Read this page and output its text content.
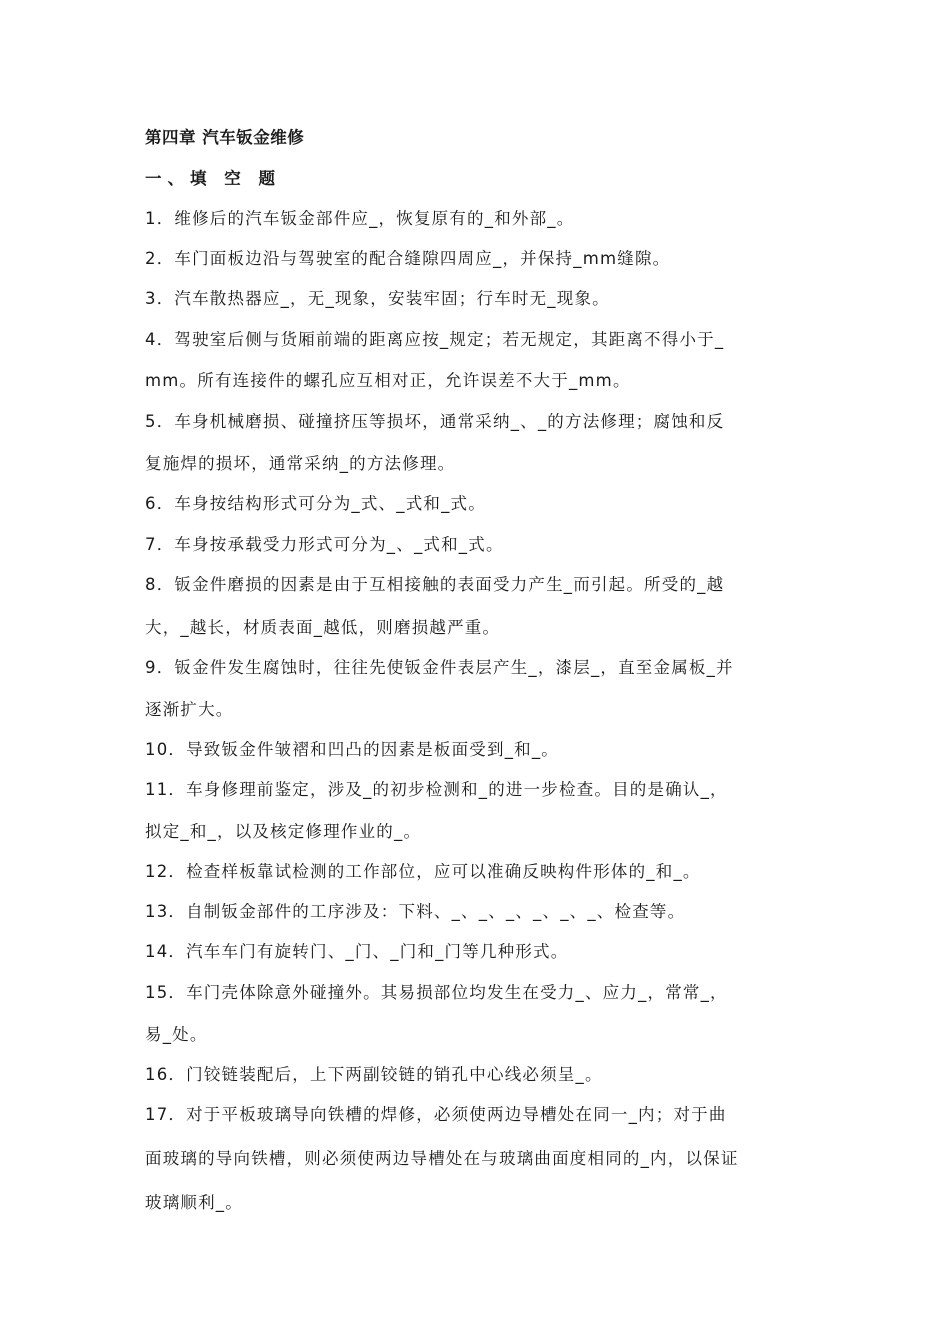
第四章 汽车钣金维修
一、填 空 题
1．维修后的汽车钣金部件应_，恢复原有的_和外部_。
2．车门面板边沿与驾驶室的配合缝隙四周应_，并保持_mm缝隙。
3．汽车散热器应_，无_现象，安装牢固；行车时无_现象。
4．驾驶室后侧与货厢前端的距离应按_规定；若无规定，其距离不得小于_
mm。所有连接件的螺孔应互相对正，允许误差不大于_mm。
5．车身机械磨损、碰撞挤压等损坏，通常采纳_、_的方法修理；腐蚀和反
复施焊的损坏，通常采纳_的方法修理。
6．车身按结构形式可分为_式、_式和_式。
7．车身按承载受力形式可分为_、_式和_式。
8．钣金件磨损的因素是由于互相接触的表面受力产生_而引起。所受的_越
大，_越长，材质表面_越低，则磨损越严重。
9．钣金件发生腐蚀时，往往先使钣金件表层产生_，漆层_，直至金属板_并
逐渐扩大。
10．导致钣金件皱褶和凹凸的因素是板面受到_和_。
11．车身修理前鉴定，涉及_的初步检测和_的进一步检查。目的是确认_，
拟定_和_，以及核定修理作业的_。
12．检查样板靠试检测的工作部位，应可以准确反映构件形体的_和_。
13．自制钣金部件的工序涉及：下料、_、_、_、_、_、_、检查等。
14．汽车车门有旋转门、_门、_门和_门等几种形式。
15．车门壳体除意外碰撞外。其易损部位均发生在受力_、应力_，常常_，
易_处。
16．门铰链装配后，上下两副铰链的销孔中心线必须呈_。
17．对于平板玻璃导向铁槽的焊修，必须使两边导槽处在同一_内；对于曲
面玻璃的导向铁槽，则必须使两边导槽处在与玻璃曲面度相同的_内，以保证
玻璃顺利_。
